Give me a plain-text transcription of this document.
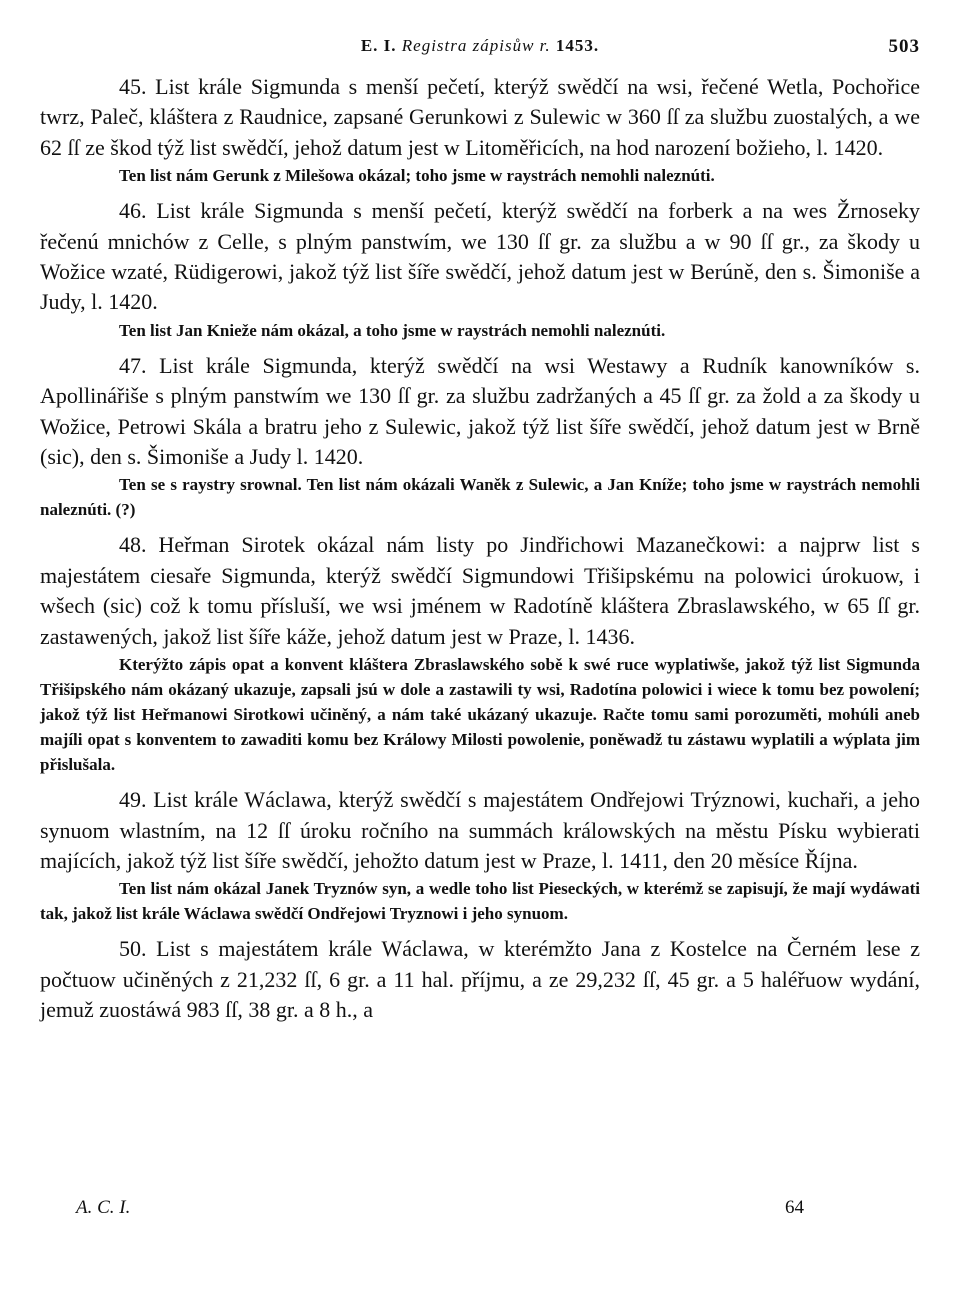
E. I. Registra zápisůw r. 1453.	503

45. List krále Sigmunda s menší pečetí, kterýž swědčí na wsi, řečené Wetla, Pochořice twrz, Paleč, kláštera z Raudnice, zapsané Gerunkowi z Sulewic w 360 ſſ za službu zuostalých, a we 62 ſſ ze škod týž list swědčí, jehož datum jest w Litoměřicích, na hod narození božieho, l. 1420.

Ten list nám Gerunk z Milešowa okázal; toho jsme w raystrách nemohli naleznúti.

46. List krále Sigmunda s menší pečetí, kterýž swědčí na forberk a na wes Žrnoseky řečenú mnichów z Celle, s plným panstwím, we 130 ſſ gr. za službu a w 90 ſſ gr., za škody u Wožice wzaté, Rüdigerowi, jakož týž list šíře swědčí, jehož datum jest w Berúně, den s. Šimoniše a Judy, l. 1420.

Ten list Jan Knieže nám okázal, a toho jsme w raystrách nemohli naleznúti.

47. List krále Sigmunda, kterýž swědčí na wsi Westawy a Rudník kanowníków s. Apollinářiše s plným panstwím we 130 ſſ gr. za službu zadržaných a 45 ſſ gr. za žold a za škody u Wožice, Petrowi Skála a bratru jeho z Sulewic, jakož týž list šíře swědčí, jehož datum jest w Brně (sic), den s. Šimoniše a Judy l. 1420.

Ten se s raystry srownal. Ten list nám okázali Waněk z Sulewic, a Jan Kníže; toho jsme w raystrách nemohli naleznúti. (?)

48. Heřman Sirotek okázal nám listy po Jindřichowi Mazanečkowi: a najprw list s majestátem ciesaře Sigmunda, kterýž swědčí Sigmundowi Třišipskému na polowici úrokuow, i wšech (sic) což k tomu přísluší, we wsi jménem w Radotíně kláštera Zbraslawského, w 65 ſſ gr. zastawených, jakož list šíře káže, jehož datum jest w Praze, l. 1436.

Kterýžto zápis opat a konvent kláštera Zbraslawského sobě k swé ruce wyplatiwše, jakož týž list Sigmunda Třišipského nám okázaný ukazuje, zapsali jsú w dole a zastawili ty wsi, Radotína polowici i wiece k tomu bez powolení; jakož týž list Heřmanowi Sirotkowi učiněný, a nám také ukázaný ukazuje. Račte tomu sami porozuměti, mohúli aneb majíli opat s konventem to zawaditi komu bez Králowy Milosti powolenie, poněwadž tu zástawu wyplatili a wýplata jim přislušala.

49. List krále Wáclawa, kterýž swědčí s majestátem Ondřejowi Trýznowi, kuchaři, a jeho synuom wlastním, na 12 ſſ úroku ročního na summách králowských na městu Písku wybierati majících, jakož týž list šíře swědčí, jehožto datum jest w Praze, l. 1411, den 20 měsíce Října.

Ten list nám okázal Janek Tryznów syn, a wedle toho list Pieseckých, w kterémž se zapisují, že mají wydáwati tak, jakož list krále Wáclawa swědčí Ondřejowi Tryznowi i jeho synuom.

50. List s majestátem krále Wáclawa, w kterémžto Jana z Kostelce na Černém lese z počtuow učiněných z 21,232 ſſ, 6 gr. a 11 hal. příjmu, a ze 29,232 ſſ, 45 gr. a 5 haléřuow wydání, jemuž zuostáwá 983 ſſ, 38 gr. a 8 h., a

A. C. I.	64
